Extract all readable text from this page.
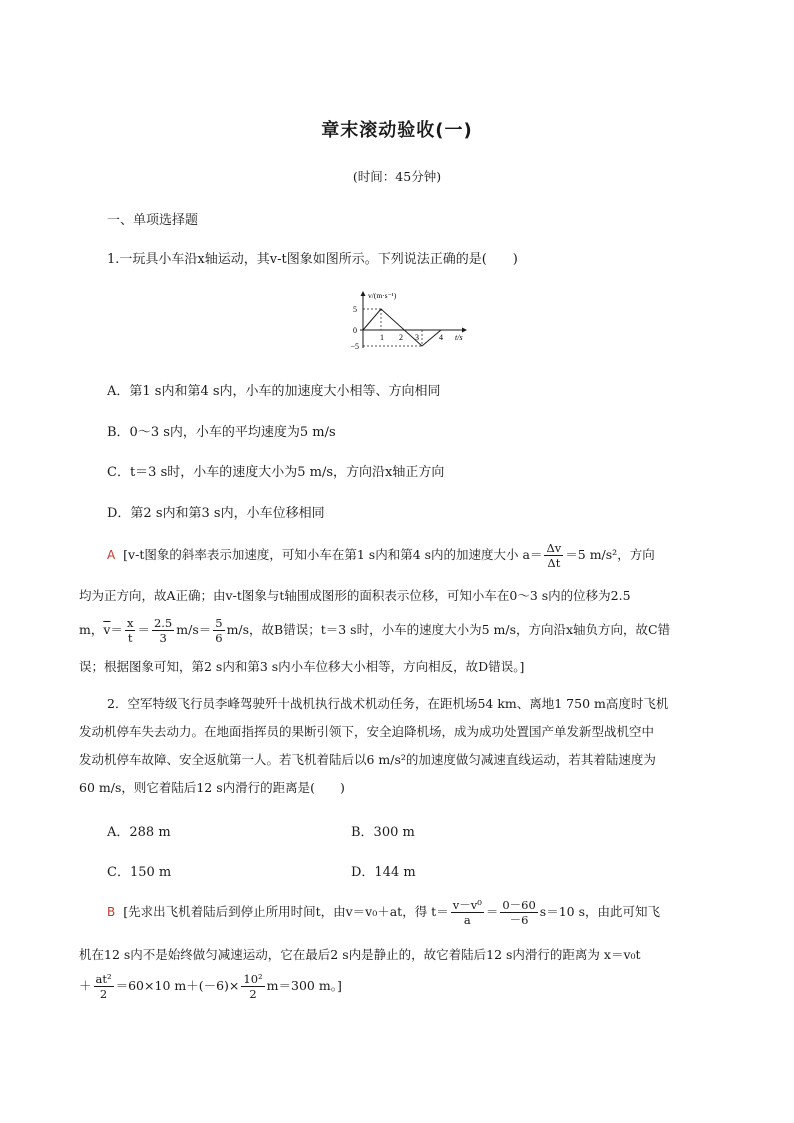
章末滚动验收(一)
(时间：45分钟)
一、单项选择题
1.一玩具小车沿x轴运动，其v-t图象如图所示。下列说法正确的是(　　)
v/(m·s⁻¹)
5
0
−5
1 2 3	4 t/s
A．第1 s内和第4 s内，小车的加速度大小相等、方向相同
B．0～3 s内，小车的平均速度为5 m/s
C．t＝3 s时，小车的速度大小为5 m/s，方向沿x轴正方向
D．第2 s内和第3 s内，小车位移相同
A [v-t图象的斜率表示加速度，可知小车在第1 s内和第4 s内的加速度大小 $a= \frac{\Delta v}{\Delta t} =5$ m/s²，方向
均为正方向，故A正确；由v-t图象与t轴围成图形的面积表示位移，可知小车在0～3 s内的位移为2.5
m，$\overline{v}= \frac{x}{t} = \frac{2.5}{3} m/s= \frac{5}{6} m/s$，故B错误；t＝3 s时，小车的速度大小为5 m/s，方向沿x轴负方向，故C错
误；根据图象可知，第2 s内和第3 s内小车位移大小相等，方向相反，故D错误。]
2．空军特级飞行员李峰驾驶歼十战机执行战术机动任务，在距机场54 km、离地1 750 m高度时飞机
发动机停车失去动力。在地面指挥员的果断引领下，安全迫降机场，成为成功处置国产单发新型战机空中
发动机停车故障、安全返航第一人。若飞机着陆后以6 m/s²的加速度做匀减速直线运动，若其着陆速度为
60 m/s，则它着陆后12 s内滑行的距离是(　　)
A．288 m	B．300 m
C．150 m	D．144 m
B [先求出飞机着陆后到停止所用时间t，由v＝v₀＋at，得 $t= \frac{\text{v－v⁰}}{a} = \frac{0-60}{-6} s=10$ s，由此可知飞
机在12 s内不是始终做匀减速运动，它在最后2 s内是静止的，故它着陆后12 s内滑行的距离为 x＝v₀t
＋ $\frac{\text{at²}}{2} =60\times 10$ $m+(-6)\times \frac{\text{10²}}{2} m=300$ m。]
